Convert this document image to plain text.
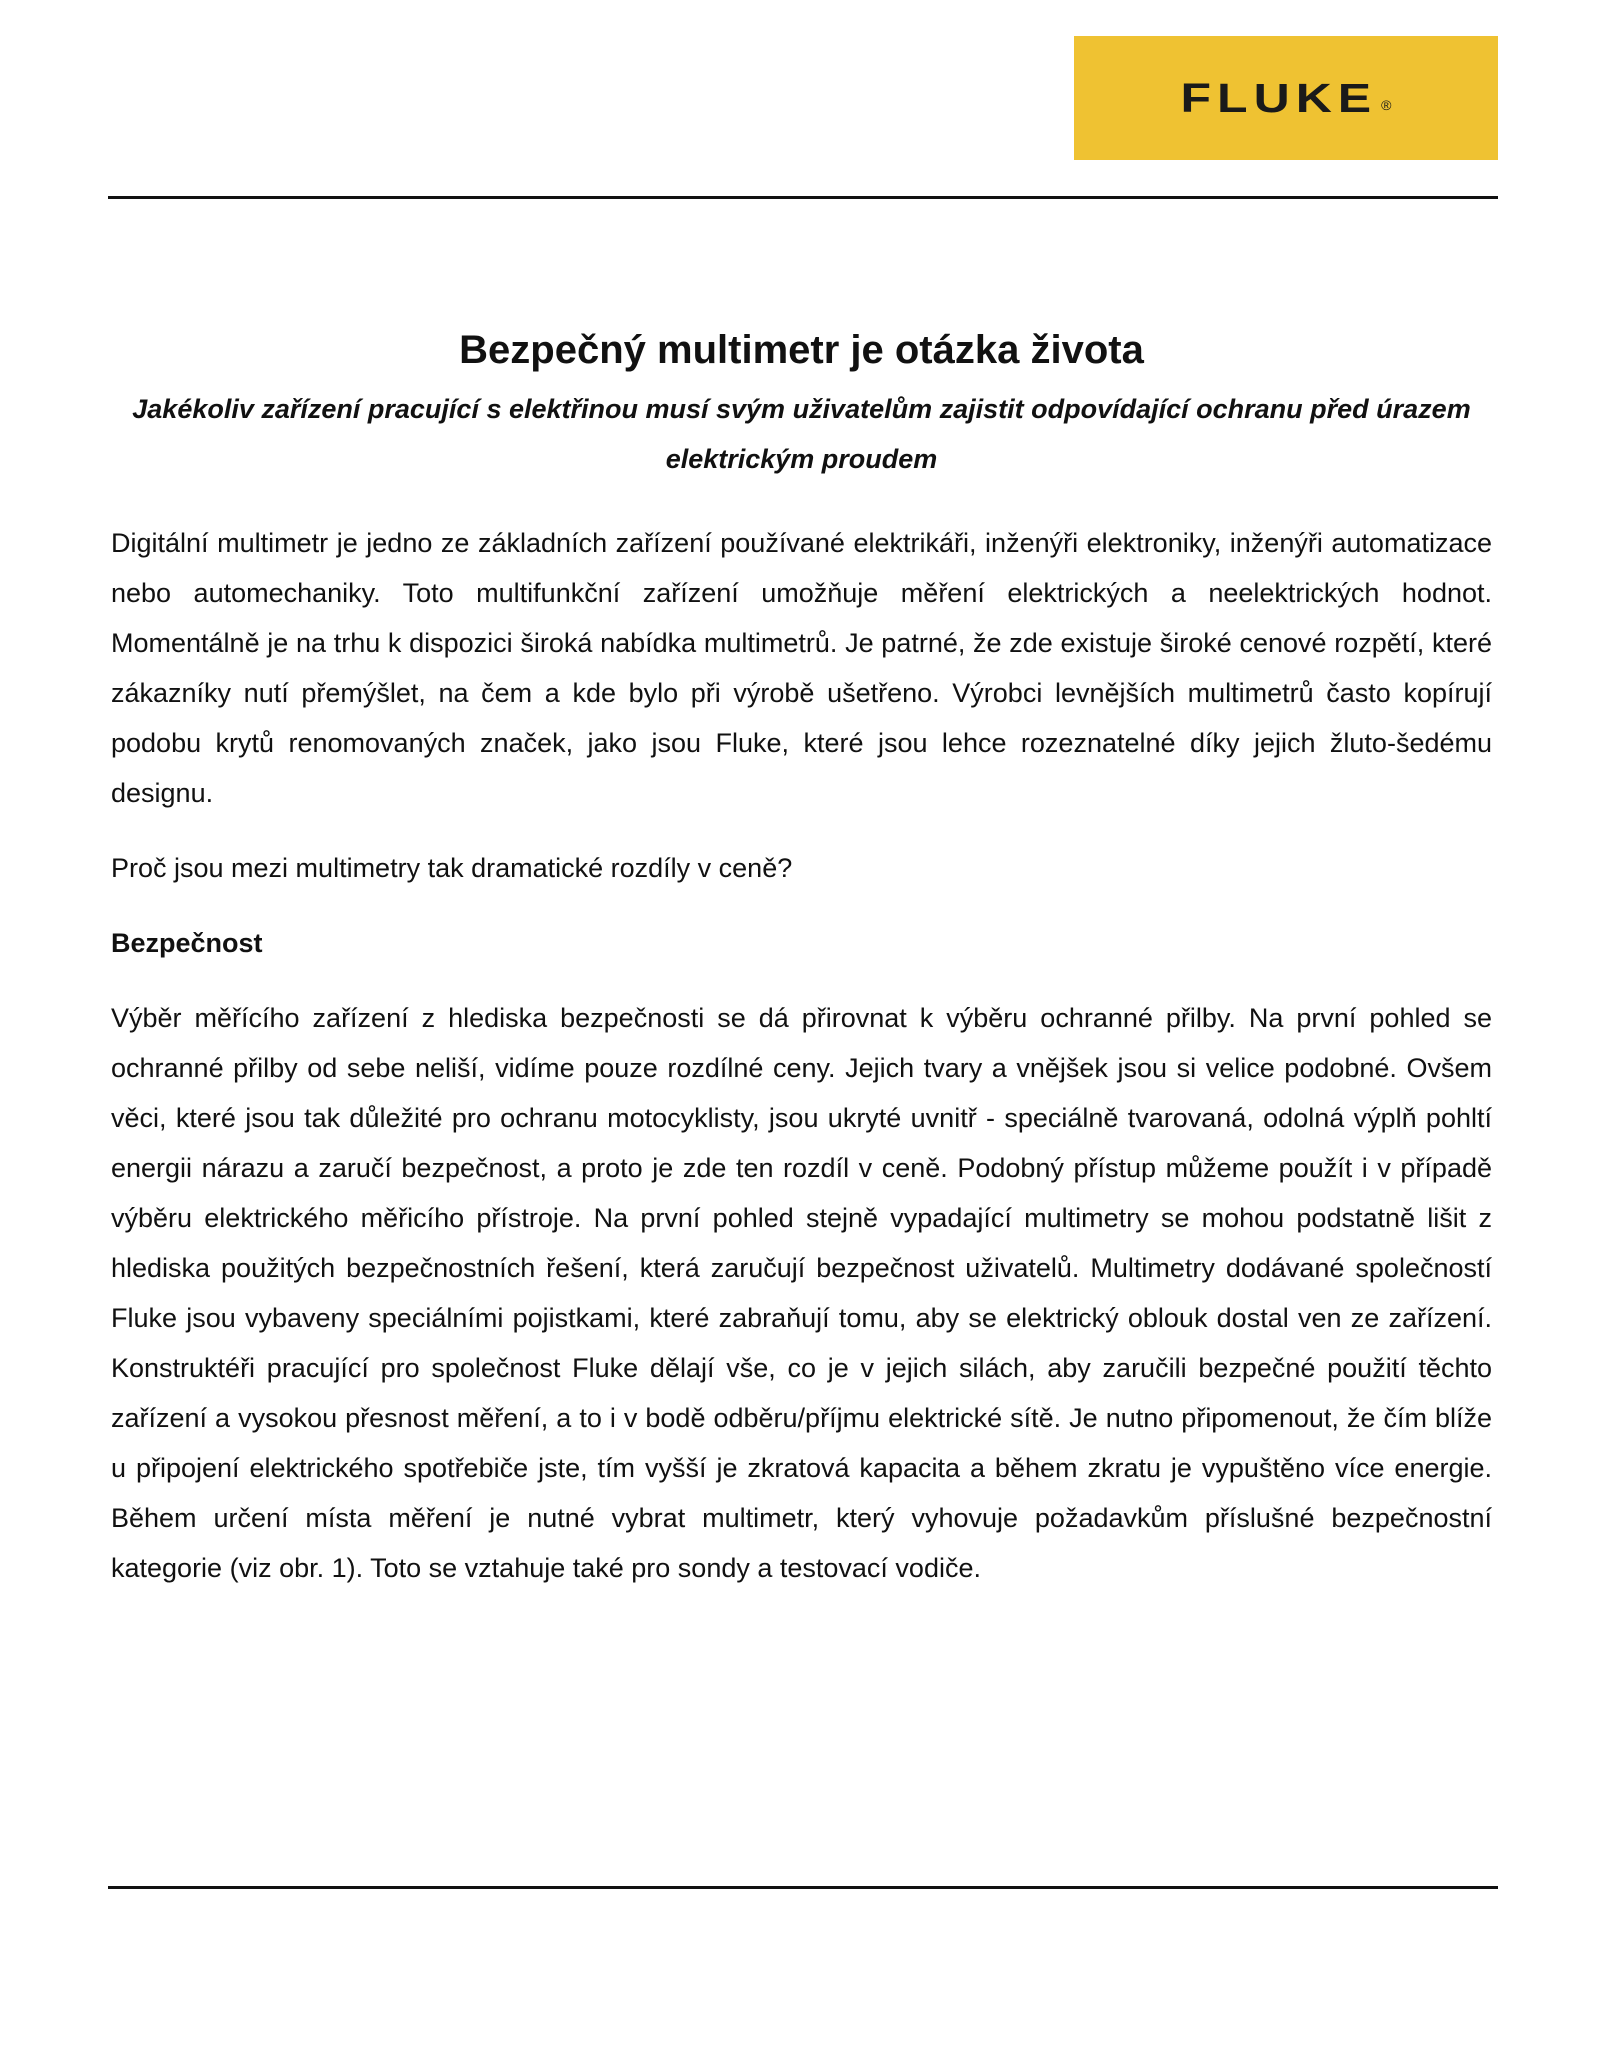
FLUKE ®
Bezpečný multimetr je otázka života

Jakékoliv zařízení pracující s elektřinou musí svým uživatelům zajistit odpovídající ochranu před úrazem elektrickým proudem

Digitální multimetr je jedno ze základních zařízení používané elektrikáři, inženýři elektroniky, inženýři automatizace nebo automechaniky. Toto multifunkční zařízení umožňuje měření elektrických a neelektrických hodnot. Momentálně je na trhu k dispozici široká nabídka multimetrů. Je patrné, že zde existuje široké cenové rozpětí, které zákazníky nutí přemýšlet, na čem a kde bylo při výrobě ušetřeno. Výrobci levnějších multimetrů často kopírují podobu krytů renomovaných značek, jako jsou Fluke, které jsou lehce rozeznatelné díky jejich žluto-šedému designu.

Proč jsou mezi multimetry tak dramatické rozdíly v ceně?

Bezpečnost

Výběr měřícího zařízení z hlediska bezpečnosti se dá přirovnat k výběru ochranné přilby. Na první pohled se ochranné přilby od sebe neliší, vidíme pouze rozdílné ceny. Jejich tvary a vnějšek jsou si velice podobné. Ovšem věci, které jsou tak důležité pro ochranu motocyklisty, jsou ukryté uvnitř - speciálně tvarovaná, odolná výplň pohltí energii nárazu a zaručí bezpečnost, a proto je zde ten rozdíl v ceně. Podobný přístup můžeme použít i v případě výběru elektrického měřicího přístroje. Na první pohled stejně vypadající multimetry se mohou podstatně lišit z hlediska použitých bezpečnostních řešení, která zaručují bezpečnost uživatelů. Multimetry dodávané společností Fluke jsou vybaveny speciálními pojistkami, které zabraňují tomu, aby se elektrický oblouk dostal ven ze zařízení. Konstruktéři pracující pro společnost Fluke dělají vše, co je v jejich silách, aby zaručili bezpečné použití těchto zařízení a vysokou přesnost měření, a to i v bodě odběru/příjmu elektrické sítě. Je nutno připomenout, že čím blíže u připojení elektrického spotřebiče jste, tím vyšší je zkratová kapacita a během zkratu je vypuštěno více energie. Během určení místa měření je nutné vybrat multimetr, který vyhovuje požadavkům příslušné bezpečnostní kategorie (viz obr. 1). Toto se vztahuje také pro sondy a testovací vodiče.
